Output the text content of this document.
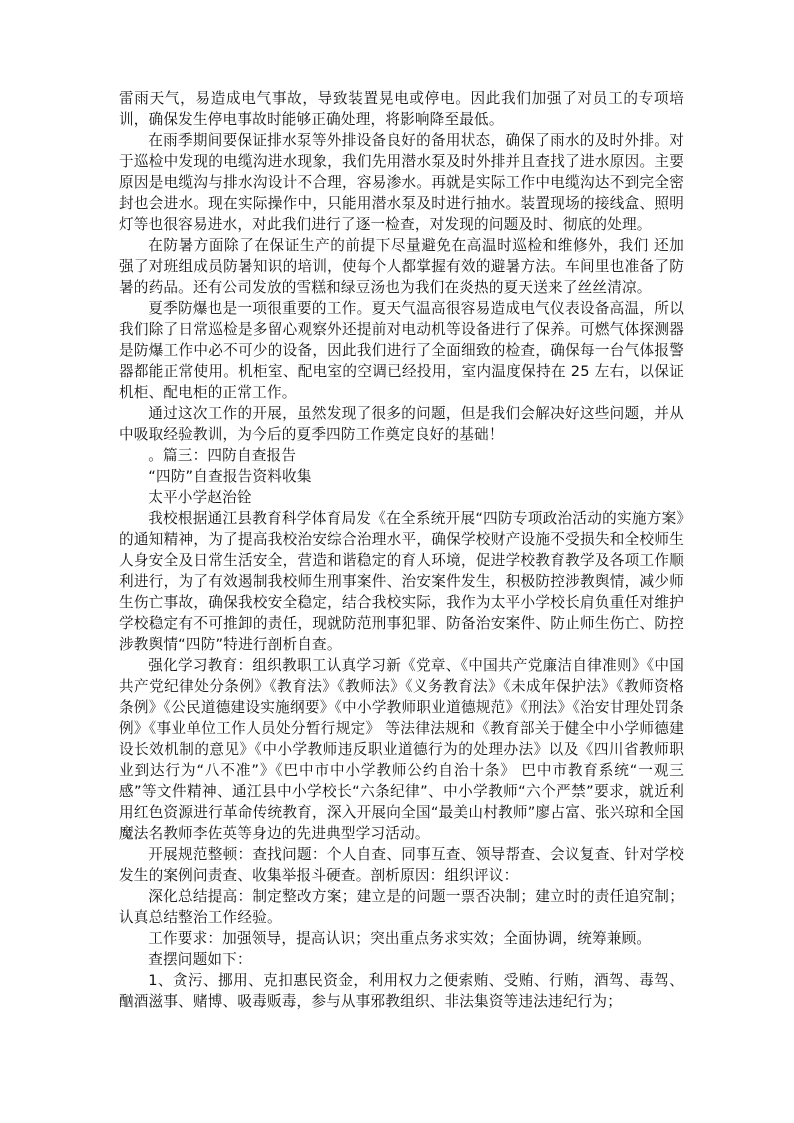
雷雨天气，易造成电气事故，导致装置晃电或停电。因此我们加强了对员工的专项培训，确保发生停电事故时能够正确处理，将影响降至最低。

在雨季期间要保证排水泵等外排设备良好的备用状态，确保了雨水的及时外排。对于巡检中发现的电缆沟进水现象，我们先用潜水泵及时外排并且查找了进水原因。主要原因是电缆沟与排水沟设计不合理，容易渗水。再就是实际工作中电缆沟达不到完全密封也会进水。现在实际操作中，只能用潜水泵及时进行抽水。装置现场的接线盒、照明灯等也很容易进水，对此我们进行了逐一检查，对发现的问题及时、彻底的处理。

在防暑方面除了在保证生产的前提下尽量避免在高温时巡检和维修外，我们 还加强了对班组成员防暑知识的培训，使每个人都掌握有效的避暑方法。车间里也准备了防暑的药品。还有公司发放的雪糕和绿豆汤也为我们在炎热的夏天送来了丝丝清凉。

夏季防爆也是一项很重要的工作。夏天气温高很容易造成电气仪表设备高温，所以我们除了日常巡检是多留心观察外还提前对电动机等设备进行了保养。可燃气体探测器是防爆工作中必不可少的设备，因此我们进行了全面细致的检查，确保每一台气体报警器都能正常使用。机柜室、配电室的空调已经投用，室内温度保持在 25 左右，以保证机柜、配电柜的正常工作。

通过这次工作的开展，虽然发现了很多的问题，但是我们会解决好这些问题，并从中吸取经验教训，为今后的夏季四防工作奠定良好的基础！

。篇三：四防自查报告

“四防”自查报告资料收集

太平小学赵治铨

我校根据通江县教育科学体育局发《在全系统开展“四防专项政治活动的实施方案》的通知精神，为了提高我校治安综合治理水平，确保学校财产设施不受损失和全校师生人身安全及日常生活安全，营造和谐稳定的育人环境，促进学校教育教学及各项工作顺利进行，为了有效遏制我校师生刑事案件、治安案件发生，积极防控涉教舆情，减少师生伤亡事故，确保我校安全稳定，结合我校实际，我作为太平小学校长肩负重任对维护学校稳定有不可推卸的责任，现就防范刑事犯罪、防备治安案件、防止师生伤亡、防控涉教舆情“四防”特进行剖析自查。

强化学习教育：组织教职工认真学习新《党章、《中国共产党廉洁自律准则》《中国共产党纪律处分条例》《教育法》《教师法》《义务教育法》《未成年保护法》《教师资格条例》《公民道德建设实施纲要》《中小学教师职业道德规范》《刑法》《治安甘理处罚条例》《事业单位工作人员处分暂行规定》 等法律法规和《教育部关于健全中小学师德建设长效机制的意见》《中小学教师违反职业道德行为的处理办法》以及《四川省教师职业到达行为“八不准”》《巴中市中小学教师公约自治十条》 巴中市教育系统“一观三感”等文件精神、通江县中小学校长“六条纪律”、中小学教师“六个严禁”要求，就近利用红色资源进行革命传统教育，深入开展向全国“最美山村教师”廖占富、张兴琼和全国魔法名教师李佐英等身边的先进典型学习活动。

开展规范整顿：查找问题：个人自查、同事互查、领导帮查、会议复查、针对学校发生的案例问责查、收集举报斗硬查。剖析原因：组织评议：

深化总结提高：制定整改方案；建立是的问题一票否决制；建立时的责任追究制；认真总结整治工作经验。

工作要求：加强领导，提高认识；突出重点务求实效；全面协调，统筹兼顾。

查摆问题如下：

1、贪污、挪用、克扣惠民资金，利用权力之便索贿、受贿、行贿，酒驾、毒驾、酗酒滋事、赌博、吸毒贩毒，参与从事邪教组织、非法集资等违法违纪行为；
